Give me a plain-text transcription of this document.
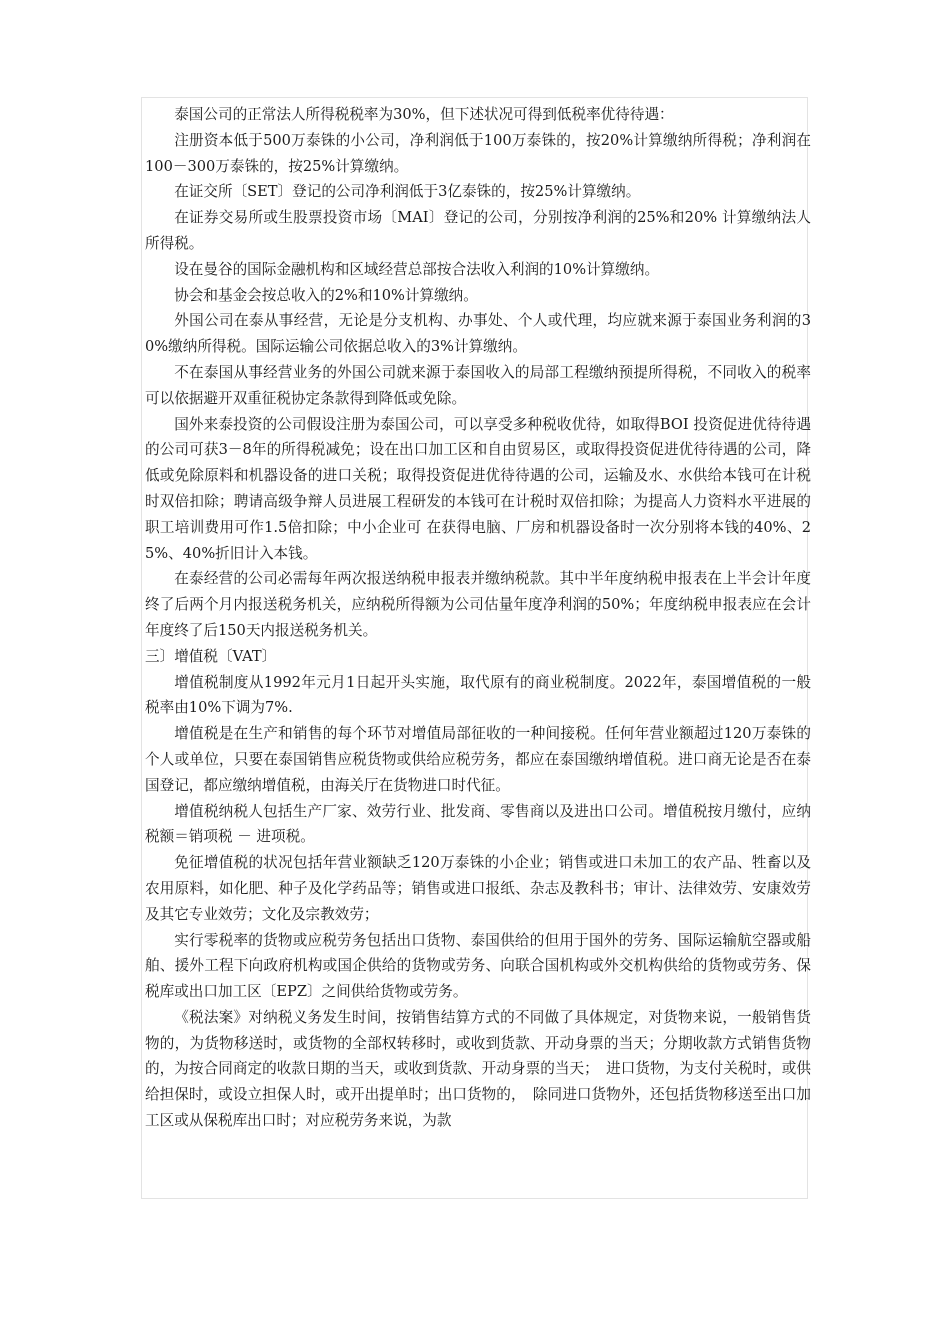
泰国公司的正常法人所得税税率为30%，但下述状况可得到低税率优待待遇：

注册资本低于500万泰铢的小公司，净利润低于100万泰铢的，按20%计算缴纳所得税；净利润在100－300万泰铢的，按25%计算缴纳。

在证交所〔SET〕登记的公司净利润低于3亿泰铢的，按25%计算缴纳。

在证券交易所或生股票投资市场〔MAI〕登记的公司，分别按净利润的25%和20% 计算缴纳法人所得税。

设在曼谷的国际金融机构和区域经营总部按合法收入利润的10%计算缴纳。

协会和基金会按总收入的2%和10%计算缴纳。

外国公司在泰从事经营，无论是分支机构、办事处、个人或代理，均应就来源于泰国业务利润的30%缴纳所得税。国际运输公司依据总收入的3%计算缴纳。

不在泰国从事经营业务的外国公司就来源于泰国收入的局部工程缴纳预提所得税，不同收入的税率可以依据避开双重征税协定条款得到降低或免除。

国外来泰投资的公司假设注册为泰国公司，可以享受多种税收优待，如取得BOI 投资促进优待待遇的公司可获3－8年的所得税减免；设在出口加工区和自由贸易区，或取得投资促进优待待遇的公司，降低或免除原料和机器设备的进口关税；取得投资促进优待待遇的公司，运输及水、水供给本钱可在计税时双倍扣除；聘请高级争辩人员进展工程研发的本钱可在计税时双倍扣除；为提高人力资料水平进展的职工培训费用可作1.5倍扣除；中小企业可 在获得电脑、厂房和机器设备时一次分别将本钱的40%、25%、40%折旧计入本钱。

在泰经营的公司必需每年两次报送纳税申报表并缴纳税款。其中半年度纳税申报表在上半会计年度终了后两个月内报送税务机关，应纳税所得额为公司估量年度净利润的50%；年度纳税申报表应在会计年度终了后150天内报送税务机关。

三〕增值税〔VAT〕

增值税制度从1992年元月1日起开头实施，取代原有的商业税制度。2022年，泰国增值税的一般税率由10%下调为7%.

增值税是在生产和销售的每个环节对增值局部征收的一种间接税。任何年营业额超过120万泰铢的个人或单位，只要在泰国销售应税货物或供给应税劳务，都应在泰国缴纳增值税。进口商无论是否在泰国登记，都应缴纳增值税，由海关厅在货物进口时代征。

增值税纳税人包括生产厂家、效劳行业、批发商、零售商以及进出口公司。增值税按月缴付，应纳税额＝销项税 － 进项税。

免征增值税的状况包括年营业额缺乏120万泰铢的小企业；销售或进口未加工的农产品、牲畜以及农用原料，如化肥、种子及化学药品等；销售或进口报纸、杂志及教科书；审计、法律效劳、安康效劳及其它专业效劳；文化及宗教效劳；

实行零税率的货物或应税劳务包括出口货物、泰国供给的但用于国外的劳务、国际运输航空器或船舶、援外工程下向政府机构或国企供给的货物或劳务、向联合国机构或外交机构供给的货物或劳务、保税库或出口加工区〔EPZ〕之间供给货物或劳务。

《税法案》对纳税义务发生时间，按销售结算方式的不同做了具体规定，对货物来说，一般销售货物的，为货物移送时，或货物的全部权转移时，或收到货款、开动身票的当天；分期收款方式销售货物的，为按合同商定的收款日期的当天，或收到货款、开动身票的当天；　进口货物，为支付关税时，或供给担保时，或设立担保人时，或开出提单时；出口货物的，　除同进口货物外，还包括货物移送至出口加工区或从保税库出口时；对应税劳务来说，为款
